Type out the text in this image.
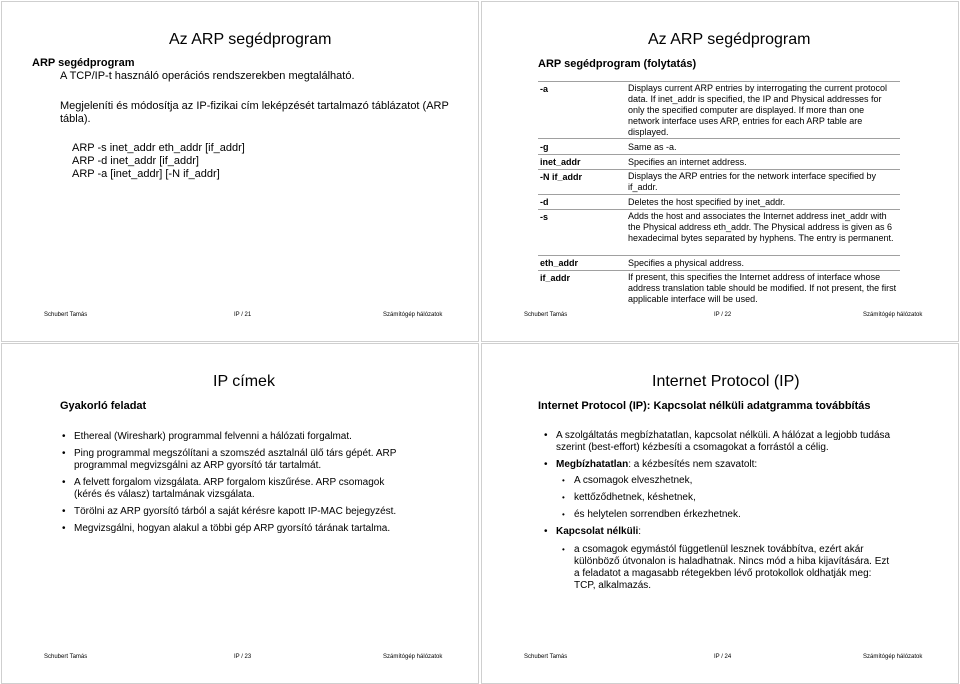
Az ARP segédprogram
ARP segédprogram
A TCP/IP-t használó operációs rendszerekben megtalálható.
Megjeleníti és módosítja az IP-fizikai cím leképzését tartalmazó táblázatot (ARP
tábla).
ARP -s inet_addr eth_addr [if_addr]
ARP -d inet_addr [if_addr]
ARP -a [inet_addr] [-N if_addr]
Schubert Tamás	IP / 21	Számítógép hálózatok
Az ARP segédprogram
ARP segédprogram (folytatás)
-a	Displays current ARP entries by interrogating the current protocol data. If inet_addr is specified, the IP and Physical addresses for only the specified computer are displayed. If more than one network interface uses ARP, entries for each ARP table are displayed.
-g	Same as -a.
inet_addr	Specifies an internet address.
-N if_addr	Displays the ARP entries for the network interface specified by if_addr.
-d	Deletes the host specified by inet_addr.
-s	Adds the host and associates the Internet address inet_addr with the Physical address eth_addr. The Physical address is given as 6 hexadecimal bytes separated by hyphens. The entry is permanent.
eth_addr	Specifies a physical address.
if_addr	If present, this specifies the Internet address of interface whose address translation table should be modified. If not present, the first applicable interface will be used.
Schubert Tamás	IP / 22	Számítógép hálózatok
IP címek
Gyakorló feladat
• Ethereal (Wireshark) programmal felvenni a hálózati forgalmat.
• Ping programmal megszólítani a szomszéd asztalnál ülő társ gépét. ARP
programmal megvizsgálni az ARP gyorsító tár tartalmát.
• A felvett forgalom vizsgálata. ARP forgalom kiszűrése. ARP csomagok
(kérés és válasz) tartalmának vizsgálata.
• Törölni az ARP gyorsító tárból a saját kérésre kapott IP-MAC bejegyzést.
• Megvizsgálni, hogyan alakul a többi gép ARP gyorsító tárának tartalma.
Schubert Tamás	IP / 23	Számítógép hálózatok
Internet Protocol (IP)
Internet Protocol (IP): Kapcsolat nélküli adatgramma továbbítás
• A szolgáltatás megbízhatatlan, kapcsolat nélküli. A hálózat a legjobb tudása
szerint (best-effort) kézbesíti a csomagokat a forrástól a célig.
• Megbízhatatlan: a kézbesítés nem szavatolt:
• A csomagok elveszhetnek,
• kettőződhetnek, késhetnek,
• és helytelen sorrendben érkezhetnek.
• Kapcsolat nélküli:
• a csomagok egymástól függetlenül lesznek továbbítva, ezért akár
különböző útvonalon is haladhatnak. Nincs mód a hiba kijavítására. Ezt
a feladatot a magasabb rétegekben lévő protokollok oldhatják meg:
TCP, alkalmazás.
Schubert Tamás	IP / 24	Számítógép hálózatok
